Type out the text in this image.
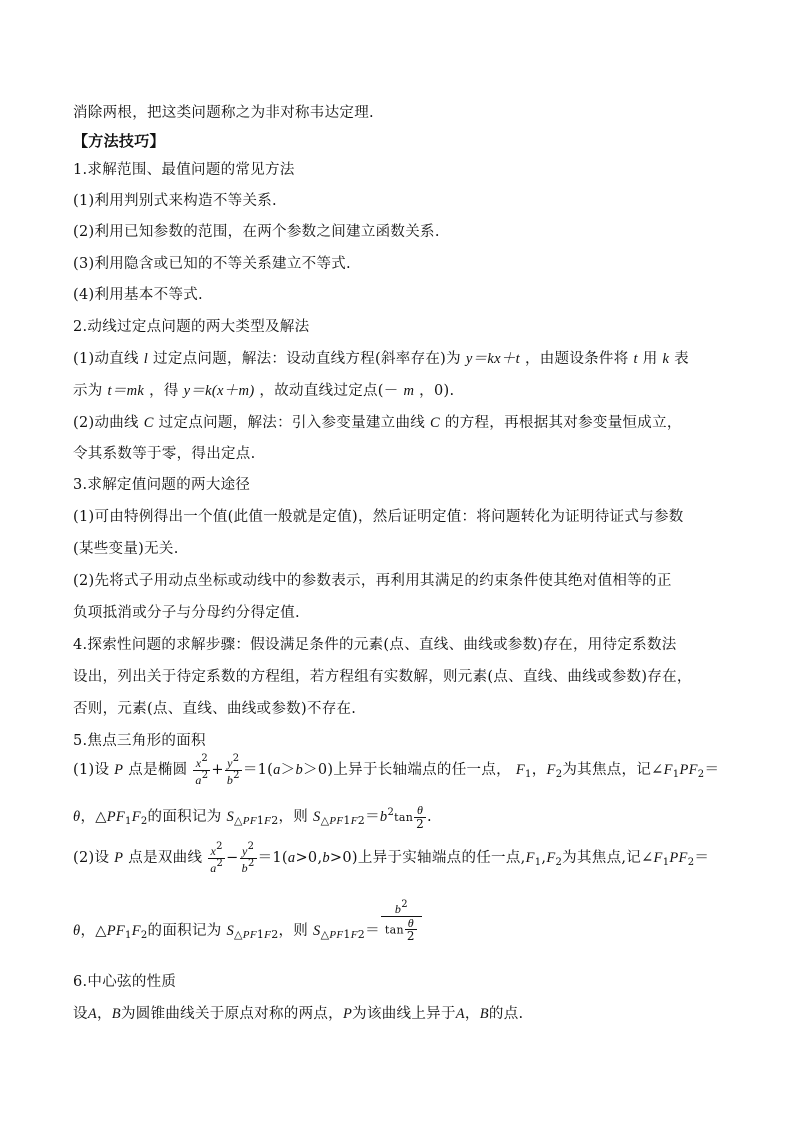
消除两根，把这类问题称之为非对称韦达定理.
【方法技巧】
1.求解范围、最值问题的常见方法
(1)利用判别式来构造不等关系.
(2)利用已知参数的范围，在两个参数之间建立函数关系.
(3)利用隐含或已知的不等关系建立不等式.
(4)利用基本不等式.
2.动线过定点问题的两大类型及解法
(1)动直线 l 过定点问题，解法：设动直线方程(斜率存在)为 y＝kx＋t ，由题设条件将 t 用 k 表
示为 t＝mk ，得 y＝k(x＋m) ，故动直线过定点(－ m ，0).
(2)动曲线 C 过定点问题，解法：引入参变量建立曲线 C 的方程，再根据其对参变量恒成立，
令其系数等于零，得出定点.
3.求解定值问题的两大途径
(1)可由特例得出一个值(此值一般就是定值)，然后证明定值：将问题转化为证明待证式与参数
(某些变量)无关.
(2)先将式子用动点坐标或动线中的参数表示，再利用其满足的约束条件使其绝对值相等的正
负项抵消或分子与分母约分得定值.
4.探索性问题的求解步骤：假设满足条件的元素(点、直线、曲线或参数)存在，用待定系数法
设出，列出关于待定系数的方程组，若方程组有实数解，则元素(点、直线、曲线或参数)存在，
否则，元素(点、直线、曲线或参数)不存在.
5.焦点三角形的面积
(1)设 P 点是椭圆 $\frac{x^2}{a^2} + \frac{y^2}{b^2} =1(a>b>0)$上异于长轴端点的任一点， $F_1$，$F_2$为其焦点，记$\angle F_1PF_2=$
θ，$\triangle PF_1F_2$的面积记为 $S_{\triangle PF1F2}$，则 $S_{\triangle PF1F2}=b^2\tan \frac{\theta}{2}$ .
(2)设 P 点是双曲线 $\frac{x^2}{a^2} - \frac{y^2}{b^2} =1(a>0,b>0)$上异于实轴端点的任一点$,F_1,F_2$为其焦点,记$\angle F_1PF_2=$
θ，$\triangle PF_1F_2$的面积记为 $S_{\triangle PF1F2}$，则 $S_{\triangle PF1F2}= \frac{b^2}{\tan \frac{\theta}{2}}$
6.中心弦的性质
设A，B为圆锥曲线关于原点对称的两点，P为该曲线上异于A，B的点.
